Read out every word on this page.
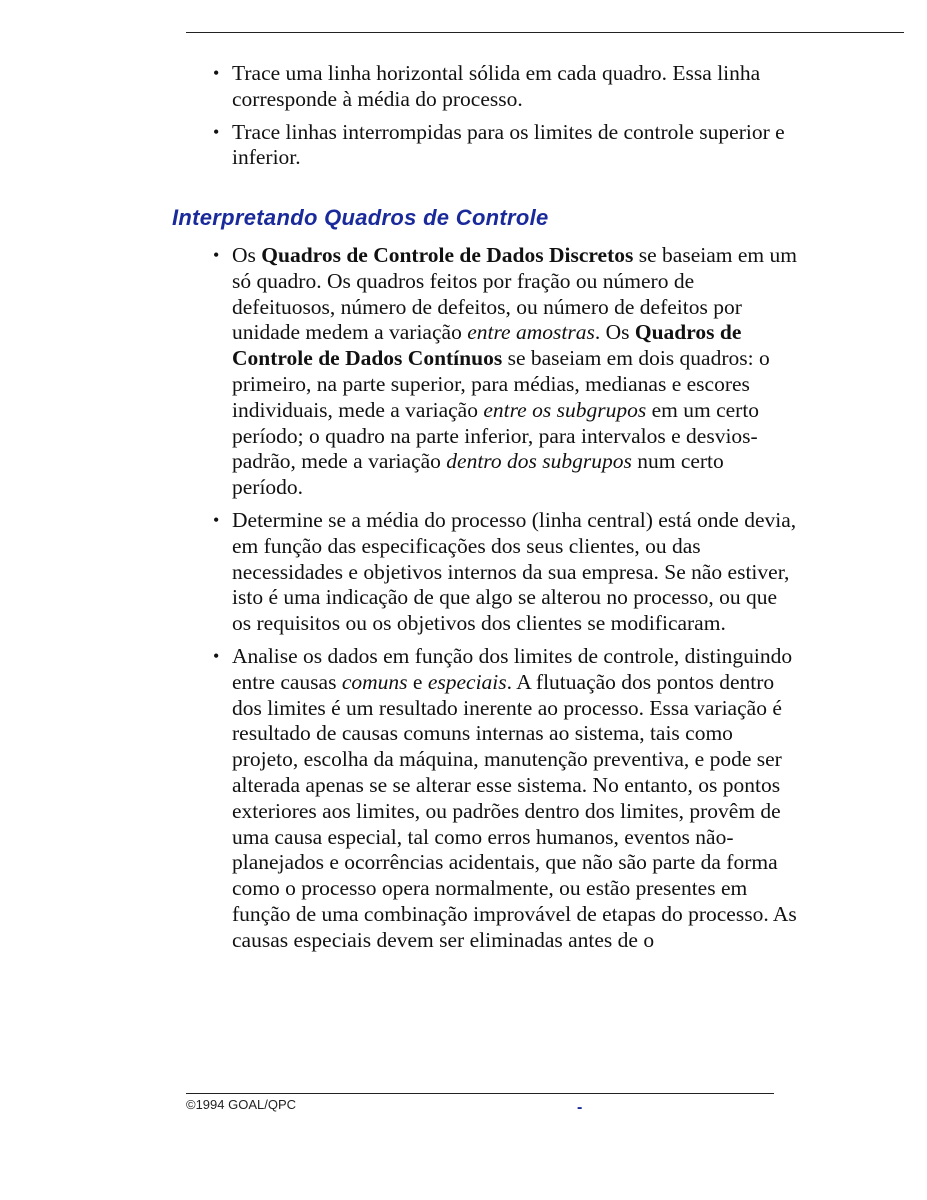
• Trace uma linha horizontal sólida em cada quadro. Essa linha corresponde à média do processo.
• Trace linhas interrompidas para os limites de controle superior e inferior.
Interpretando Quadros de Controle
• Os Quadros de Controle de Dados Discretos se baseiam em um só quadro. Os quadros feitos por fração ou número de defeituosos, número de defeitos, ou número de defeitos por unidade medem a variação entre amostras. Os Quadros de Controle de Dados Contínuos se baseiam em dois quadros: o primeiro, na parte superior, para médias, medianas e escores individuais, mede a variação entre os subgrupos em um certo período; o quadro na parte inferior, para intervalos e desvios-padrão, mede a variação dentro dos subgrupos num certo período.
• Determine se a média do processo (linha central) está onde devia, em função das especificações dos seus clientes, ou das necessidades e objetivos internos da sua empresa. Se não estiver, isto é uma indicação de que algo se alterou no processo, ou que os requisitos ou os objetivos dos clientes se modificaram.
• Analise os dados em função dos limites de controle, distinguindo entre causas comuns e especiais. A flutuação dos pontos dentro dos limites é um resultado inerente ao processo. Essa variação é resultado de causas comuns internas ao sistema, tais como projeto, escolha da máquina, manutenção preventiva, e pode ser alterada apenas se se alterar esse sistema. No entanto, os pontos exteriores aos limites, ou padrões dentro dos limites, provêm de uma causa especial, tal como erros humanos, eventos não-planejados e ocorrências acidentais, que não são parte da forma como o processo opera normalmente, ou estão presentes em função de uma combinação improvável de etapas do processo. As causas especiais devem ser eliminadas antes de o
©1994 GOAL/QPC	-
